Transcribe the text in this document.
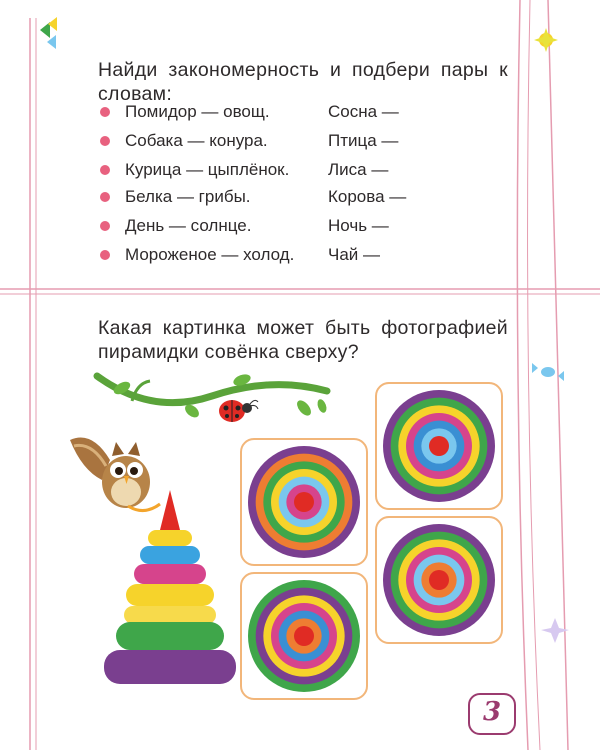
Найди закономерность и подбери пары к словам:
Помидор — овощ.	Сосна —
Собака — конура.	Птица —
Курица — цыплёнок. Лиса —
Белка — грибы.	Корова —
День — солнце.	Ночь —
Мороженое — холод. Чай —
Какая картинка может быть фотографией пирамидки совёнка сверху?
3
